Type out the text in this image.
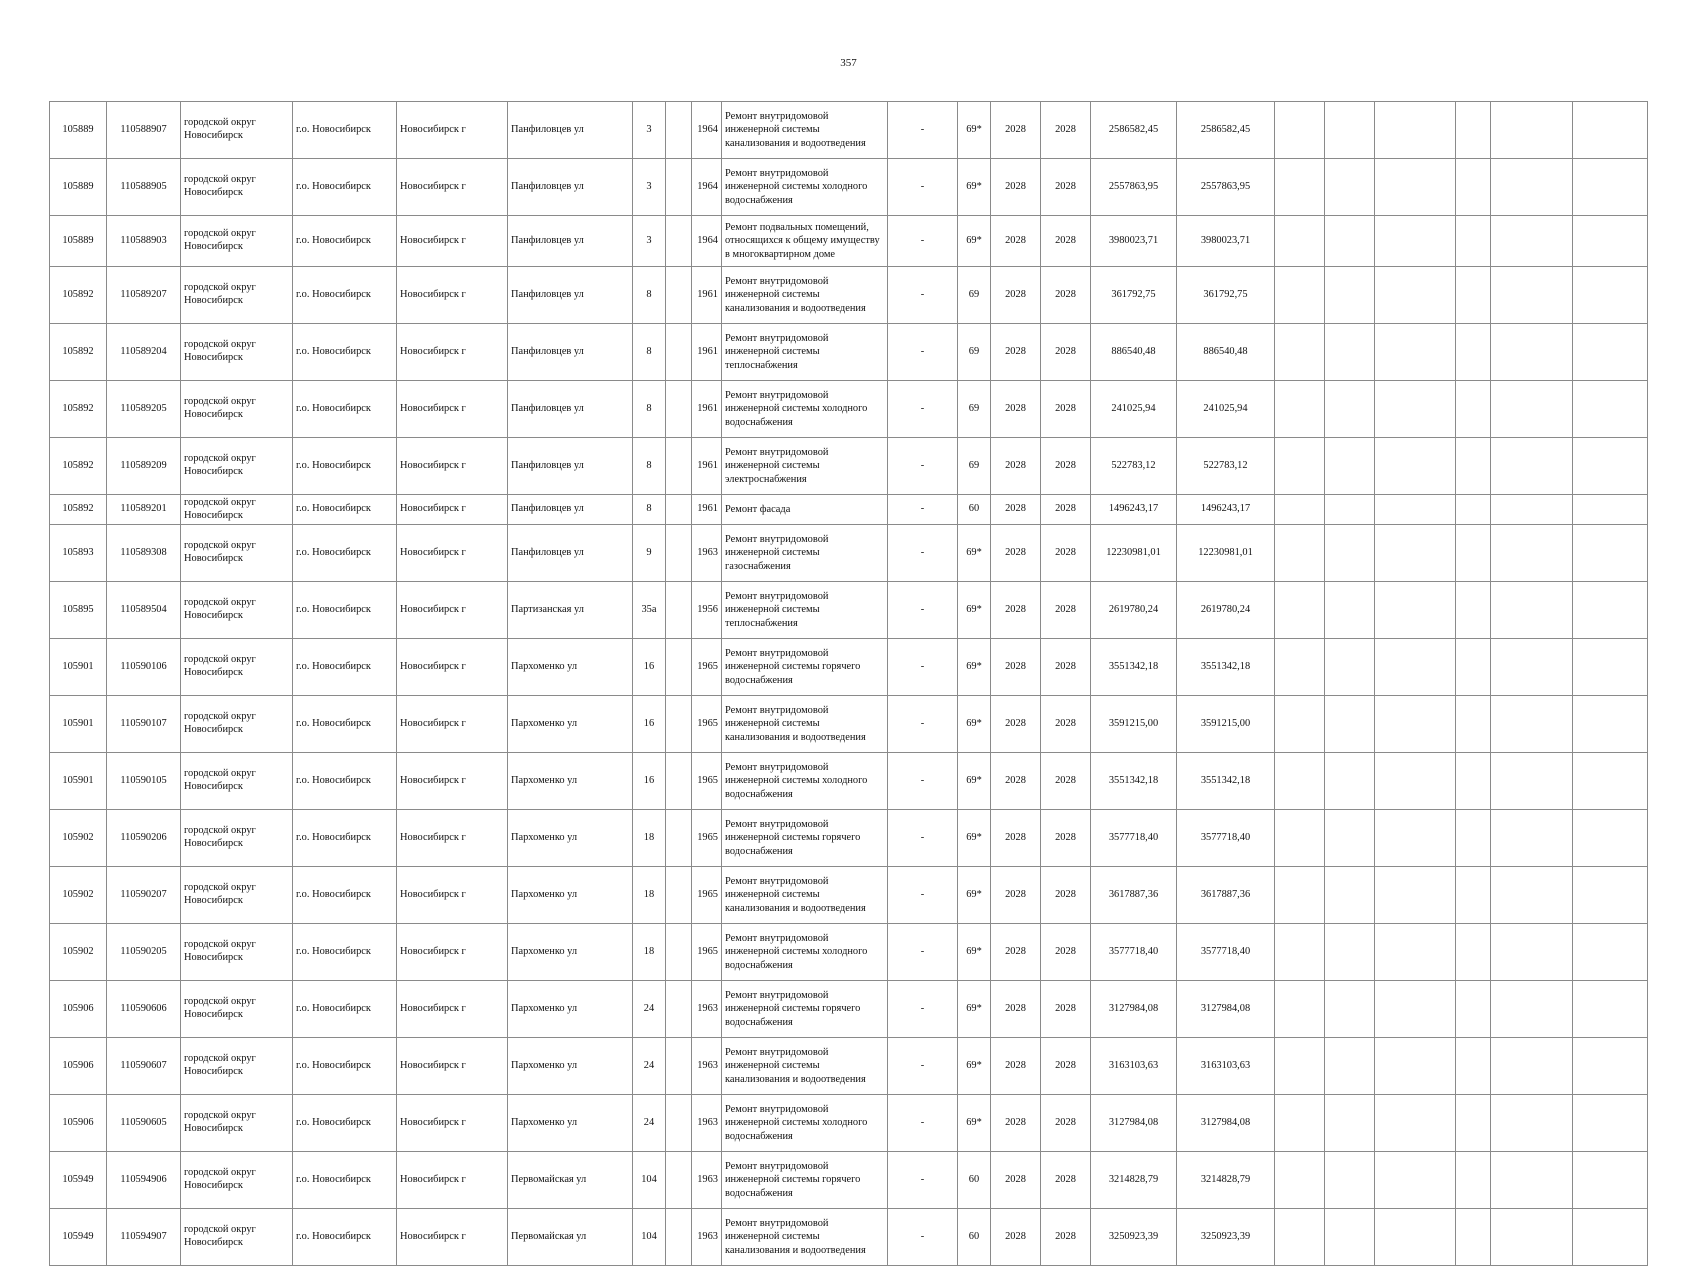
357
105889	110588907	городской округ Новосибирск	г.о. Новосибирск	Новосибирск г	Панфиловцев ул	3		1964	Ремонт внутридомовой инженерной системы канализования и водоотведения	-	69*	2028	2028	2586582,45	2586582,45						
105889	110588905	городской округ Новосибирск	г.о. Новосибирск	Новосибирск г	Панфиловцев ул	3		1964	Ремонт внутридомовой инженерной системы холодного водоснабжения	-	69*	2028	2028	2557863,95	2557863,95						
105889	110588903	городской округ Новосибирск	г.о. Новосибирск	Новосибирск г	Панфиловцев ул	3		1964	Ремонт подвальных помещений, относящихся к общему имуществу в многоквартирном доме	-	69*	2028	2028	3980023,71	3980023,71						
105892	110589207	городской округ Новосибирск	г.о. Новосибирск	Новосибирск г	Панфиловцев ул	8		1961	Ремонт внутридомовой инженерной системы канализования и водоотведения	-	69	2028	2028	361792,75	361792,75						
105892	110589204	городской округ Новосибирск	г.о. Новосибирск	Новосибирск г	Панфиловцев ул	8		1961	Ремонт внутридомовой инженерной системы теплоснабжения	-	69	2028	2028	886540,48	886540,48						
105892	110589205	городской округ Новосибирск	г.о. Новосибирск	Новосибирск г	Панфиловцев ул	8		1961	Ремонт внутридомовой инженерной системы холодного водоснабжения	-	69	2028	2028	241025,94	241025,94						
105892	110589209	городской округ Новосибирск	г.о. Новосибирск	Новосибирск г	Панфиловцев ул	8		1961	Ремонт внутридомовой инженерной системы электроснабжения	-	69	2028	2028	522783,12	522783,12						
105892	110589201	городской округ Новосибирск	г.о. Новосибирск	Новосибирск г	Панфиловцев ул	8		1961	Ремонт фасада	-	60	2028	2028	1496243,17	1496243,17						
105893	110589308	городской округ Новосибирск	г.о. Новосибирск	Новосибирск г	Панфиловцев ул	9		1963	Ремонт внутридомовой инженерной системы газоснабжения	-	69*	2028	2028	12230981,01	12230981,01						
105895	110589504	городской округ Новосибирск	г.о. Новосибирск	Новосибирск г	Партизанская ул	35а		1956	Ремонт внутридомовой инженерной системы теплоснабжения	-	69*	2028	2028	2619780,24	2619780,24						
105901	110590106	городской округ Новосибирск	г.о. Новосибирск	Новосибирск г	Пархоменко ул	16		1965	Ремонт внутридомовой инженерной системы горячего водоснабжения	-	69*	2028	2028	3551342,18	3551342,18						
105901	110590107	городской округ Новосибирск	г.о. Новосибирск	Новосибирск г	Пархоменко ул	16		1965	Ремонт внутридомовой инженерной системы канализования и водоотведения	-	69*	2028	2028	3591215,00	3591215,00						
105901	110590105	городской округ Новосибирск	г.о. Новосибирск	Новосибирск г	Пархоменко ул	16		1965	Ремонт внутридомовой инженерной системы холодного водоснабжения	-	69*	2028	2028	3551342,18	3551342,18						
105902	110590206	городской округ Новосибирск	г.о. Новосибирск	Новосибирск г	Пархоменко ул	18		1965	Ремонт внутридомовой инженерной системы горячего водоснабжения	-	69*	2028	2028	3577718,40	3577718,40						
105902	110590207	городской округ Новосибирск	г.о. Новосибирск	Новосибирск г	Пархоменко ул	18		1965	Ремонт внутридомовой инженерной системы канализования и водоотведения	-	69*	2028	2028	3617887,36	3617887,36						
105902	110590205	городской округ Новосибирск	г.о. Новосибирск	Новосибирск г	Пархоменко ул	18		1965	Ремонт внутридомовой инженерной системы холодного водоснабжения	-	69*	2028	2028	3577718,40	3577718,40						
105906	110590606	городской округ Новосибирск	г.о. Новосибирск	Новосибирск г	Пархоменко ул	24		1963	Ремонт внутридомовой инженерной системы горячего водоснабжения	-	69*	2028	2028	3127984,08	3127984,08						
105906	110590607	городской округ Новосибирск	г.о. Новосибирск	Новосибирск г	Пархоменко ул	24		1963	Ремонт внутридомовой инженерной системы канализования и водоотведения	-	69*	2028	2028	3163103,63	3163103,63						
105906	110590605	городской округ Новосибирск	г.о. Новосибирск	Новосибирск г	Пархоменко ул	24		1963	Ремонт внутридомовой инженерной системы холодного водоснабжения	-	69*	2028	2028	3127984,08	3127984,08						
105949	110594906	городской округ Новосибирск	г.о. Новосибирск	Новосибирск г	Первомайская ул	104		1963	Ремонт внутридомовой инженерной системы горячего водоснабжения	-	60	2028	2028	3214828,79	3214828,79						
105949	110594907	городской округ Новосибирск	г.о. Новосибирск	Новосибирск г	Первомайская ул	104		1963	Ремонт внутридомовой инженерной системы канализования и водоотведения	-	60	2028	2028	3250923,39	3250923,39						
